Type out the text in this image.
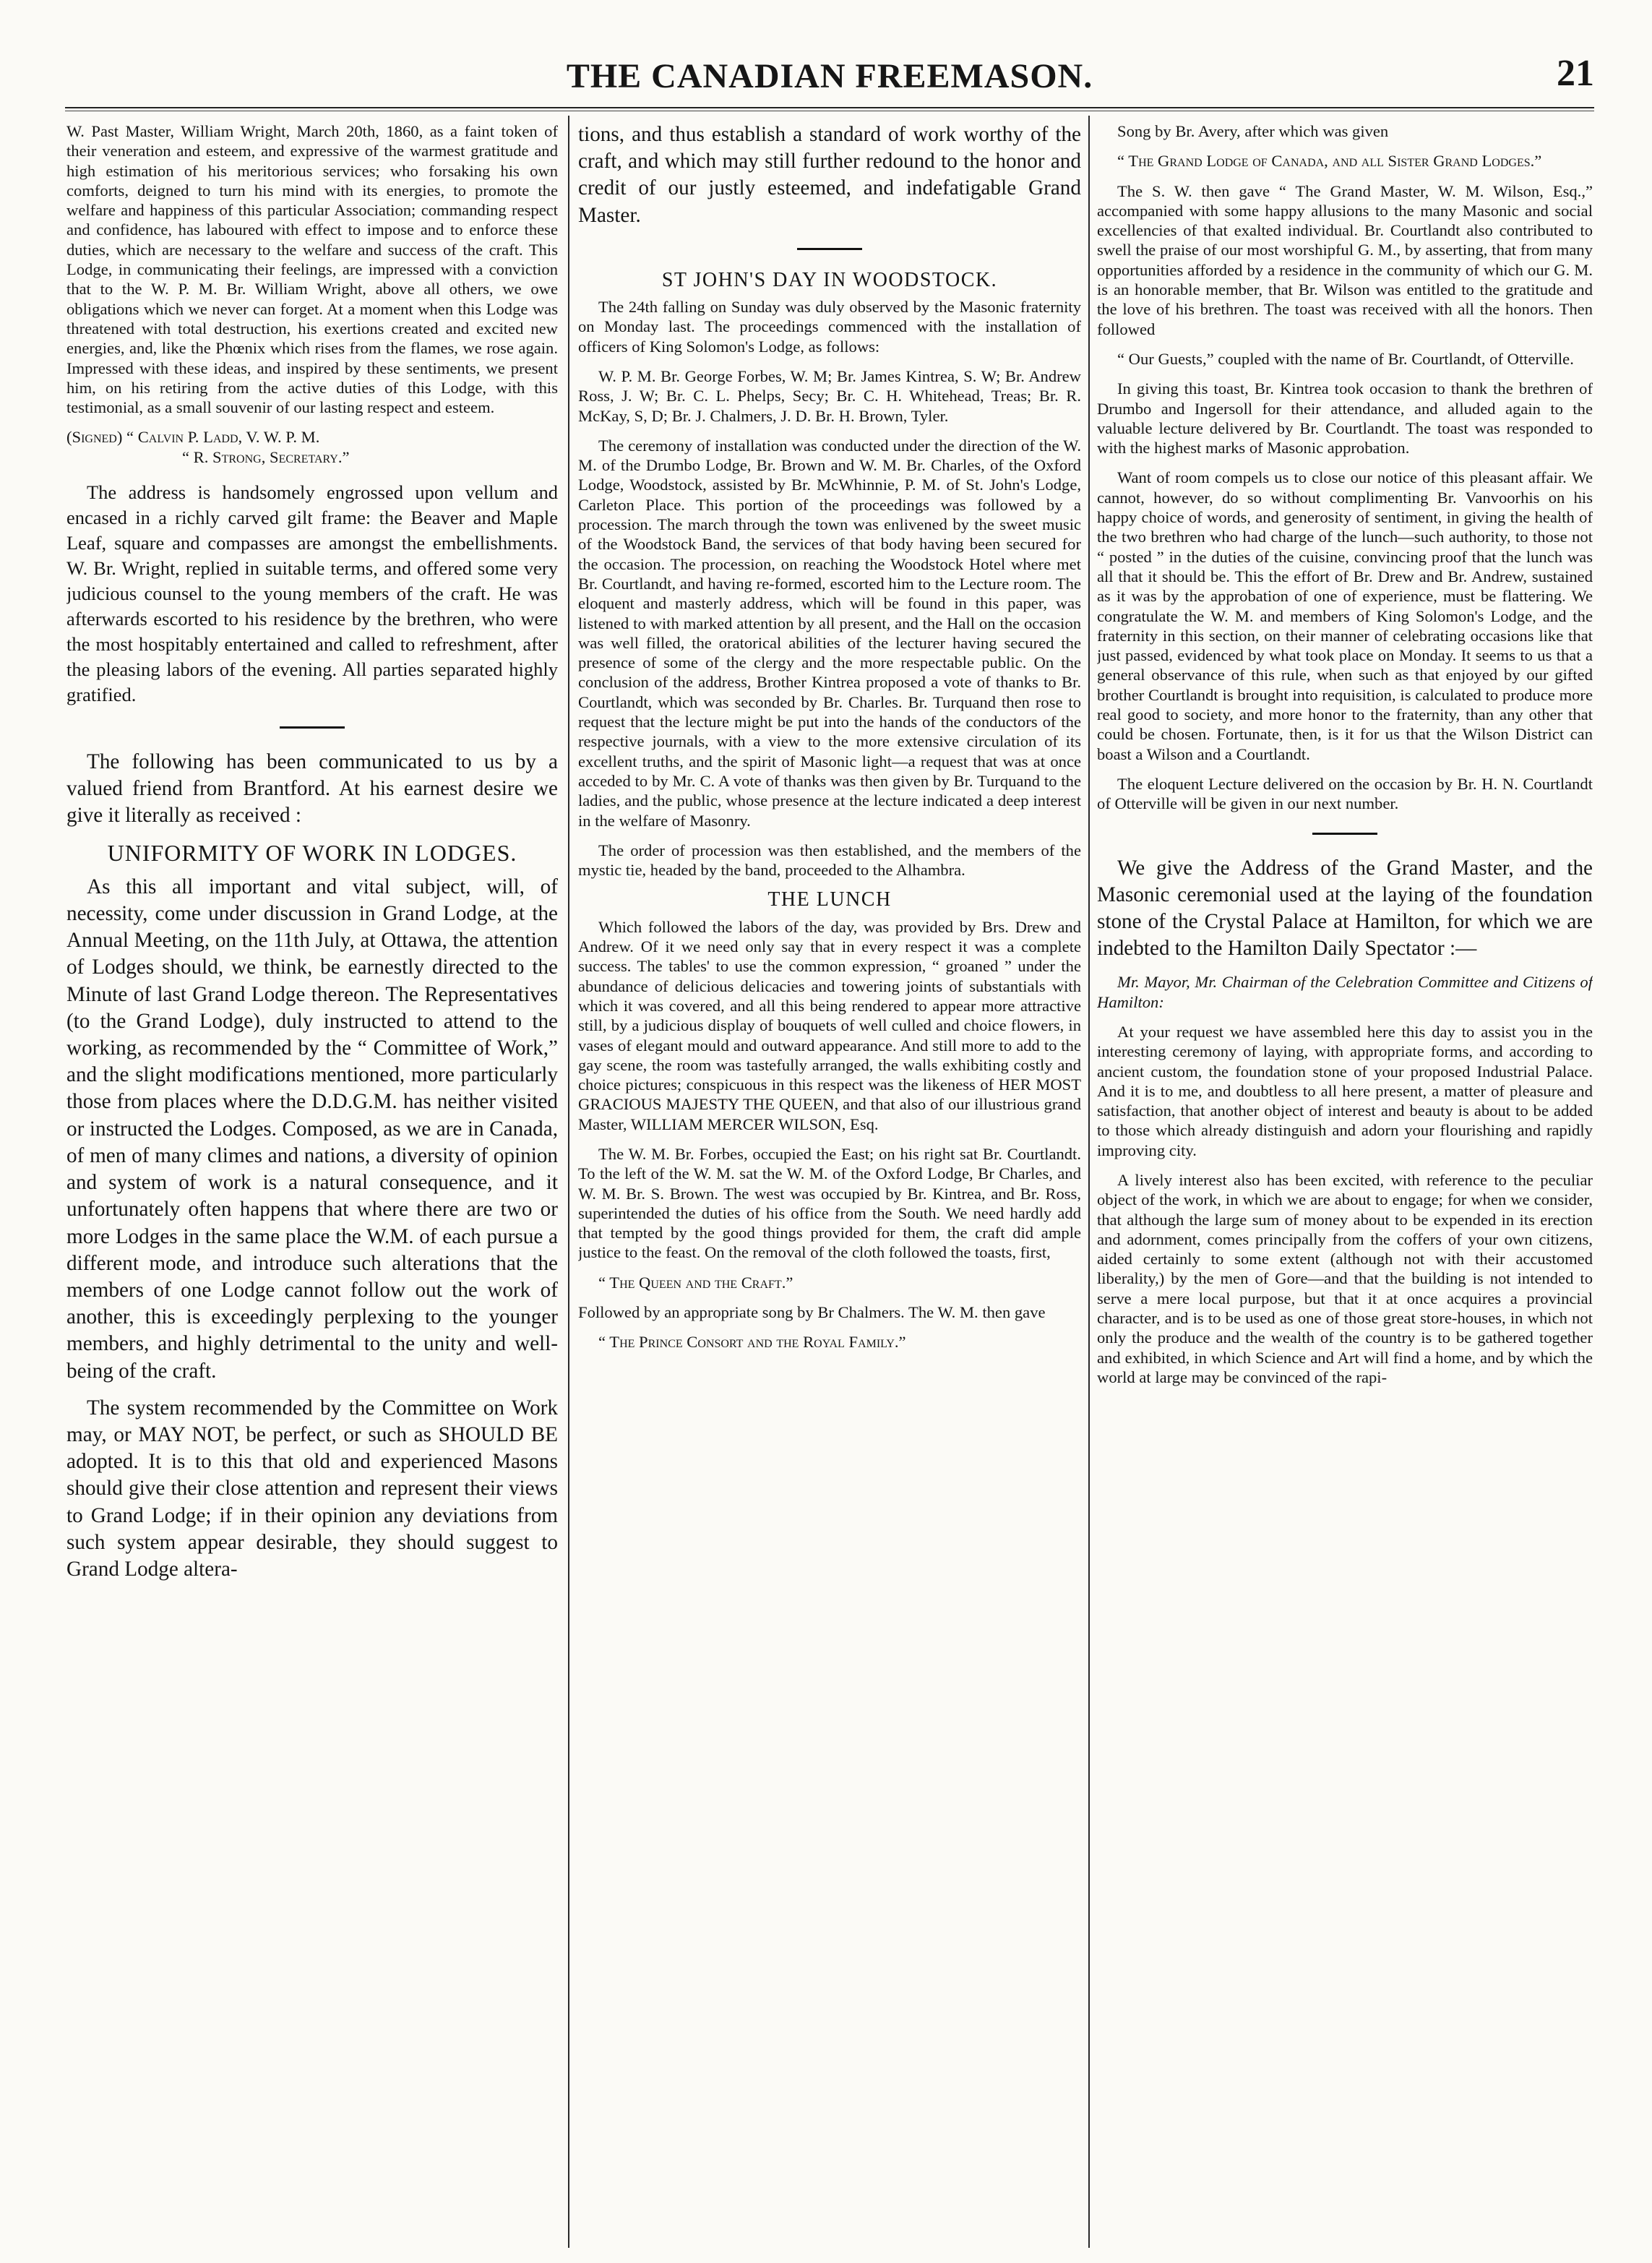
THE CANADIAN FREEMASON.	21

W. Past Master, William Wright, March 20th, 1860, as a faint token of their veneration and esteem, and expressive of the warmest gratitude and high estimation of his meritorious services; who forsaking his own comforts, deigned to turn his mind with its energies, to promote the welfare and happiness of this particular Association; commanding respect and confidence, has laboured with effect to impose and to enforce these duties, which are necessary to the welfare and success of the craft. This Lodge, in communicating their feelings, are impressed with a conviction that to the W. P. M. Br. William Wright, above all others, we owe obligations which we never can forget. At a moment when this Lodge was threatened with total destruction, his exertions created and excited new energies, and, like the Phœnix which rises from the flames, we rose again. Impressed with these ideas, and inspired by these sentiments, we present him, on his retiring from the active duties of this Lodge, with this testimonial, as a small souvenir of our lasting respect and esteem.

(Signed) “ Calvin P. Ladd, V. W. P. M.

“ R. Strong, Secretary.”

The address is handsomely engrossed upon vellum and encased in a richly carved gilt frame: the Beaver and Maple Leaf, square and compasses are amongst the embellishments. W. Br. Wright, replied in suitable terms, and offered some very judicious counsel to the young members of the craft. He was afterwards escorted to his residence by the brethren, who were the most hospitably entertained and called to refreshment, after the pleasing labors of the evening. All parties separated highly gratified.

The following has been communicated to us by a valued friend from Brantford. At his earnest desire we give it literally as received :

UNIFORMITY OF WORK IN LODGES.

As this all important and vital subject, will, of necessity, come under discussion in Grand Lodge, at the Annual Meeting, on the 11th July, at Ottawa, the attention of Lodges should, we think, be earnestly directed to the Minute of last Grand Lodge thereon. The Representatives (to the Grand Lodge), duly instructed to attend to the working, as recommended by the “ Committee of Work,” and the slight modifications mentioned, more particularly those from places where the D.D.G.M. has neither visited or instructed the Lodges. Composed, as we are in Canada, of men of many climes and nations, a diversity of opinion and system of work is a natural consequence, and it unfortunately often happens that where there are two or more Lodges in the same place the W.M. of each pursue a different mode, and introduce such alterations that the members of one Lodge cannot follow out the work of another, this is exceedingly perplexing to the younger members, and highly detrimental to the unity and well-being of the craft.

The system recommended by the Committee on Work may, or MAY NOT, be perfect, or such as SHOULD BE adopted. It is to this that old and experienced Masons should give their close attention and represent their views to Grand Lodge; if in their opinion any deviations from such system appear desirable, they should suggest to Grand Lodge altera-

tions, and thus establish a standard of work worthy of the craft, and which may still further redound to the honor and credit of our justly esteemed, and indefatigable Grand Master.

ST JOHN'S DAY IN WOODSTOCK.

The 24th falling on Sunday was duly observed by the Masonic fraternity on Monday last. The proceedings commenced with the installation of officers of King Solomon's Lodge, as follows:

W. P. M. Br. George Forbes, W. M; Br. James Kintrea, S. W; Br. Andrew Ross, J. W; Br. C. L. Phelps, Secy; Br. C. H. Whitehead, Treas; Br. R. McKay, S, D; Br. J. Chalmers, J. D. Br. H. Brown, Tyler.

The ceremony of installation was conducted under the direction of the W. M. of the Drumbo Lodge, Br. Brown and W. M. Br. Charles, of the Oxford Lodge, Woodstock, assisted by Br. McWhinnie, P. M. of St. John's Lodge, Carleton Place. This portion of the proceedings was followed by a procession. The march through the town was enlivened by the sweet music of the Woodstock Band, the services of that body having been secured for the occasion. The procession, on reaching the Woodstock Hotel where met Br. Courtlandt, and having re-formed, escorted him to the Lecture room. The eloquent and masterly address, which will be found in this paper, was listened to with marked attention by all present, and the Hall on the occasion was well filled, the oratorical abilities of the lecturer having secured the presence of some of the clergy and the more respectable public. On the conclusion of the address, Brother Kintrea proposed a vote of thanks to Br. Courtlandt, which was seconded by Br. Charles. Br. Turquand then rose to request that the lecture might be put into the hands of the conductors of the respective journals, with a view to the more extensive circulation of its excellent truths, and the spirit of Masonic light—a request that was at once acceded to by Mr. C. A vote of thanks was then given by Br. Turquand to the ladies, and the public, whose presence at the lecture indicated a deep interest in the welfare of Masonry.

The order of procession was then established, and the members of the mystic tie, headed by the band, proceeded to the Alhambra.

THE LUNCH

Which followed the labors of the day, was provided by Brs. Drew and Andrew. Of it we need only say that in every respect it was a complete success. The tables' to use the common expression, “ groaned ” under the abundance of delicious delicacies and towering joints of substantials with which it was covered, and all this being rendered to appear more attractive still, by a judicious display of bouquets of well culled and choice flowers, in vases of elegant mould and outward appearance. And still more to add to the gay scene, the room was tastefully arranged, the walls exhibiting costly and choice pictures; conspicuous in this respect was the likeness of HER MOST GRACIOUS MAJESTY THE QUEEN, and that also of our illustrious grand Master, WILLIAM MERCER WILSON, Esq.

The W. M. Br. Forbes, occupied the East; on his right sat Br. Courtlandt. To the left of the W. M. sat the W. M. of the Oxford Lodge, Br Charles, and W. M. Br. S. Brown. The west was occupied by Br. Kintrea, and Br. Ross, superintended the duties of his office from the South. We need hardly add that tempted by the good things provided for them, the craft did ample justice to the feast. On the removal of the cloth followed the toasts, first,

“ The Queen and the Craft.”

Followed by an appropriate song by Br Chalmers. The W. M. then gave

“ The Prince Consort and the Royal Family.”

Song by Br. Avery, after which was given

“ The Grand Lodge of Canada, and all Sister Grand Lodges.”

The S. W. then gave “ The Grand Master, W. M. Wilson, Esq.,” accompanied with some happy allusions to the many Masonic and social excellencies of that exalted individual. Br. Courtlandt also contributed to swell the praise of our most worshipful G. M., by asserting, that from many opportunities afforded by a residence in the community of which our G. M. is an honorable member, that Br. Wilson was entitled to the gratitude and the love of his brethren. The toast was received with all the honors. Then followed

“ Our Guests,” coupled with the name of Br. Courtlandt, of Otterville.

In giving this toast, Br. Kintrea took occasion to thank the brethren of Drumbo and Ingersoll for their attendance, and alluded again to the valuable lecture delivered by Br. Courtlandt. The toast was responded to with the highest marks of Masonic approbation.

Want of room compels us to close our notice of this pleasant affair. We cannot, however, do so without complimenting Br. Vanvoorhis on his happy choice of words, and generosity of sentiment, in giving the health of the two brethren who had charge of the lunch—such authority, to those not “ posted ” in the duties of the cuisine, convincing proof that the lunch was all that it should be. This the effort of Br. Drew and Br. Andrew, sustained as it was by the approbation of one of experience, must be flattering. We congratulate the W. M. and members of King Solomon's Lodge, and the fraternity in this section, on their manner of celebrating occasions like that just passed, evidenced by what took place on Monday. It seems to us that a general observance of this rule, when such as that enjoyed by our gifted brother Courtlandt is brought into requisition, is calculated to produce more real good to society, and more honor to the fraternity, than any other that could be chosen. Fortunate, then, is it for us that the Wilson District can boast a Wilson and a Courtlandt.

The eloquent Lecture delivered on the occasion by Br. H. N. Courtlandt of Otterville will be given in our next number.

We give the Address of the Grand Master, and the Masonic ceremonial used at the laying of the foundation stone of the Crystal Palace at Hamilton, for which we are indebted to the Hamilton Daily Spectator :—

Mr. Mayor, Mr. Chairman of the Celebration Committee and Citizens of Hamilton:

At your request we have assembled here this day to assist you in the interesting ceremony of laying, with appropriate forms, and according to ancient custom, the foundation stone of your proposed Industrial Palace. And it is to me, and doubtless to all here present, a matter of pleasure and satisfaction, that another object of interest and beauty is about to be added to those which already distinguish and adorn your flourishing and rapidly improving city.

A lively interest also has been excited, with reference to the peculiar object of the work, in which we are about to engage; for when we consider, that although the large sum of money about to be expended in its erection and adornment, comes principally from the coffers of your own citizens, aided certainly to some extent (although not with their accustomed liberality,) by the men of Gore—and that the building is not intended to serve a mere local purpose, but that it at once acquires a provincial character, and is to be used as one of those great store-houses, in which not only the produce and the wealth of the country is to be gathered together and exhibited, in which Science and Art will find a home, and by which the world at large may be convinced of the rapi-
